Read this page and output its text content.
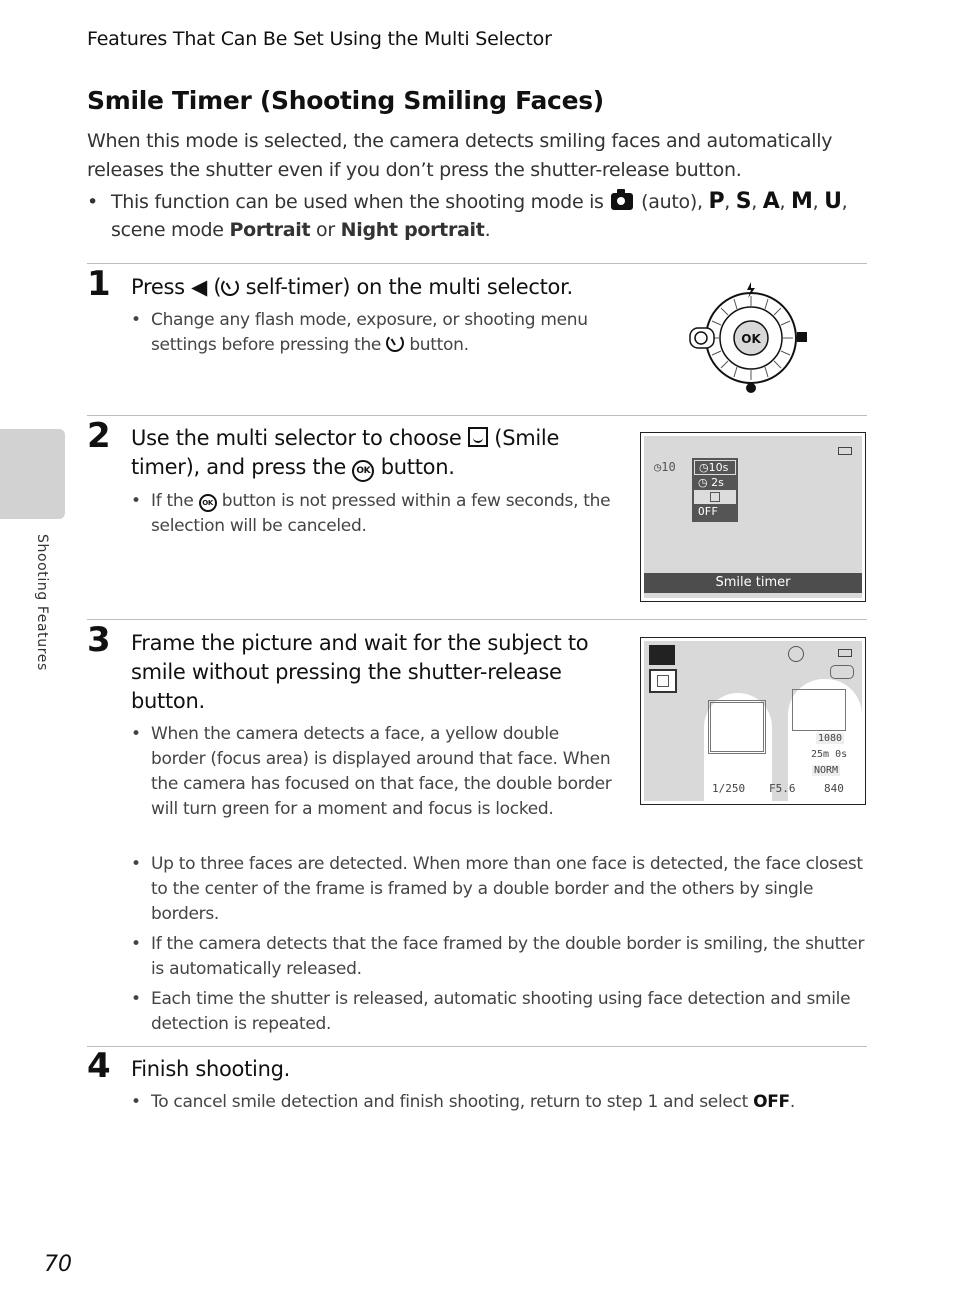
Features That Can Be Set Using the Multi Selector
Shooting Features
Smile Timer (Shooting Smiling Faces)
When this mode is selected, the camera detects smiling faces and automatically releases the shutter even if you don’t press the shutter-release button.
• This function can be used when the shooting mode is (auto), P, S, A, M, U, scene mode Portrait or Night portrait.
1 Press ◀ ( self-timer) on the multi selector.
• Change any flash mode, exposure, or shooting menu settings before pressing the button.	OK
2 Use the multi selector to choose (Smile timer), and press the OK button.
• If the OK button is not pressed within a few seconds, the selection will be canceled.
◷10	◷10s
◷ 2s
OFF
Smile timer
3 Frame the picture and wait for the subject to smile without pressing the shutter-release button.
• When the camera detects a face, a yellow double border (focus area) is displayed around that face. When the camera has focused on that face, the double border will turn green for a moment and focus is locked.
• Up to three faces are detected. When more than one face is detected, the face closest to the center of the frame is framed by a double border and the others by single borders.
• If the camera detects that the face framed by the double border is smiling, the shutter is automatically released.
• Each time the shutter is released, automatic shooting using face detection and smile detection is repeated.
1080
25m 0s
NORM
1/250 F5.6	840
4 Finish shooting.
• To cancel smile detection and finish shooting, return to step 1 and select OFF.
70
